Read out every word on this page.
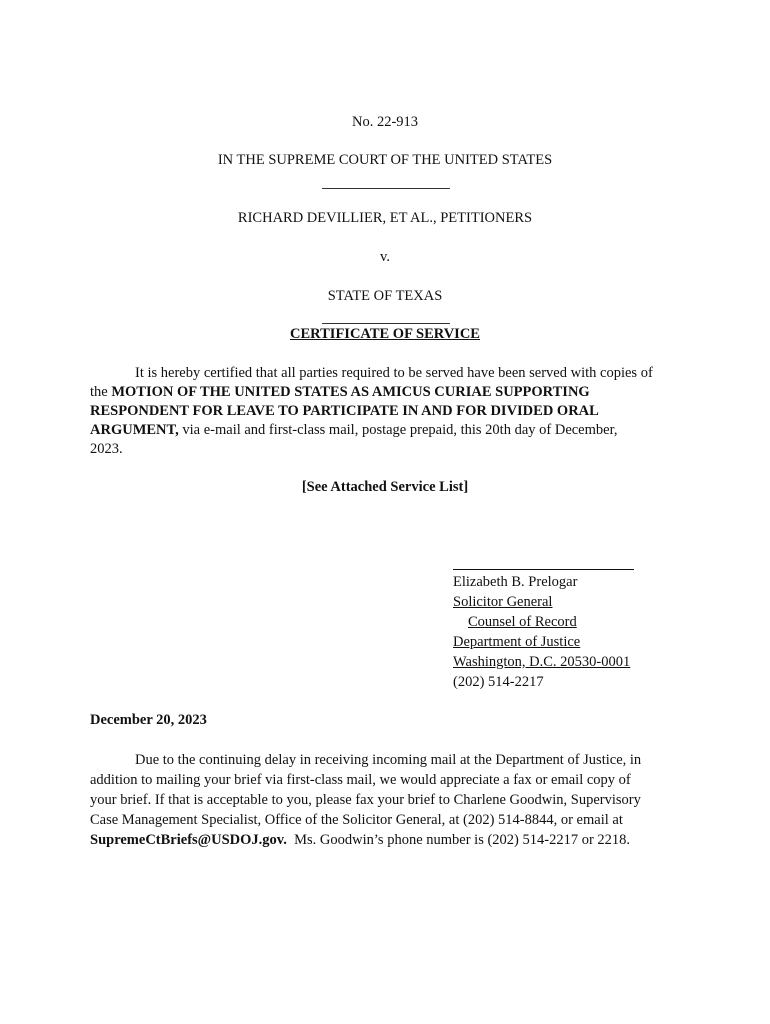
No. 22-913
IN THE SUPREME COURT OF THE UNITED STATES
RICHARD DEVILLIER, ET AL., PETITIONERS
v.
STATE OF TEXAS
CERTIFICATE OF SERVICE
It is hereby certified that all parties required to be served have been served with copies of
the MOTION OF THE UNITED STATES AS AMICUS CURIAE SUPPORTING
RESPONDENT FOR LEAVE TO PARTICIPATE IN AND FOR DIVIDED ORAL
ARGUMENT, via e-mail and first-class mail, postage prepaid, this 20th day of December,
2023.
[See Attached Service List]
Elizabeth B. Prelogar
Solicitor General
Counsel of Record
Department of Justice
Washington, D.C. 20530-0001
(202) 514-2217
December 20, 2023
Due to the continuing delay in receiving incoming mail at the Department of Justice, in
addition to mailing your brief via first-class mail, we would appreciate a fax or email copy of
your brief. If that is acceptable to you, please fax your brief to Charlene Goodwin, Supervisory
Case Management Specialist, Office of the Solicitor General, at (202) 514-8844, or email at
SupremeCtBriefs@USDOJ.gov.  Ms. Goodwin’s phone number is (202) 514-2217 or 2218.
